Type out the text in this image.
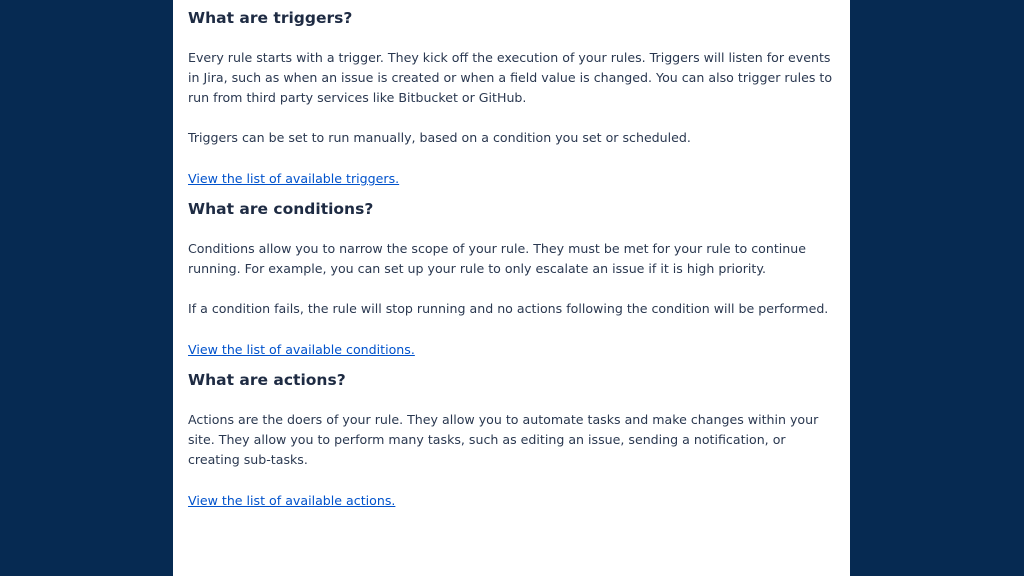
What are triggers?

Every rule starts with a trigger. They kick off the execution of your rules. Triggers will listen for events in Jira, such as when an issue is created or when a field value is changed. You can also trigger rules to run from third party services like Bitbucket or GitHub.

Triggers can be set to run manually, based on a condition you set or scheduled.

View the list of available triggers.
What are conditions?

Conditions allow you to narrow the scope of your rule. They must be met for your rule to continue running. For example, you can set up your rule to only escalate an issue if it is high priority.

If a condition fails, the rule will stop running and no actions following the condition will be performed.

View the list of available conditions.
What are actions?

Actions are the doers of your rule. They allow you to automate tasks and make changes within your site. They allow you to perform many tasks, such as editing an issue, sending a notification, or creating sub-tasks.

View the list of available actions.
